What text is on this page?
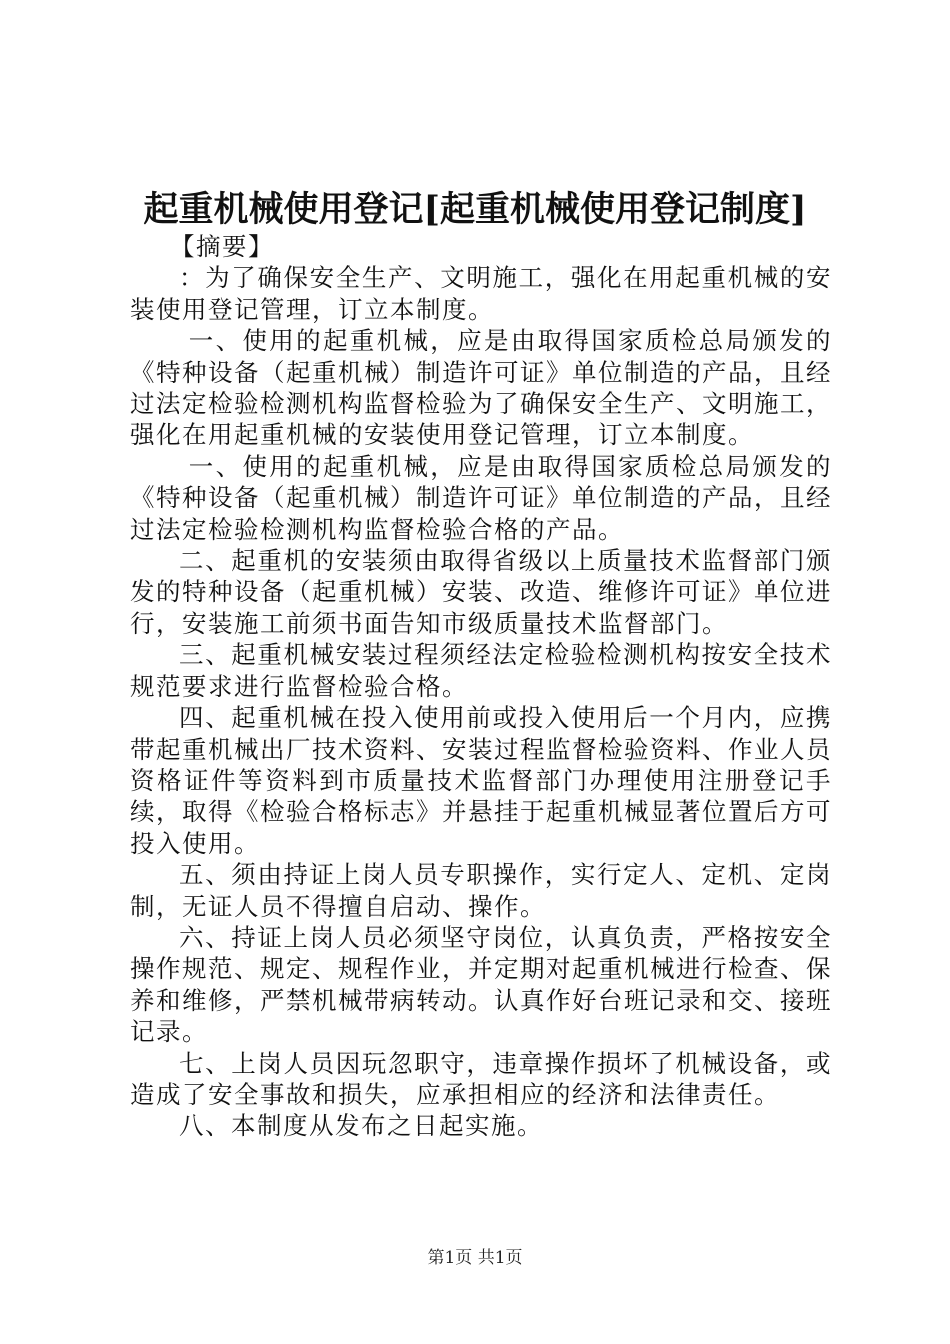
起重机械使用登记[起重机械使用登记制度]

【摘要】

：为了确保安全生产、文明施工，强化在用起重机械的安装使用登记管理，订立本制度。

一、使用的起重机械，应是由取得国家质检总局颁发的《特种设备（起重机械）制造许可证》单位制造的产品，且经过法定检验检测机构监督检验为了确保安全生产、文明施工，强化在用起重机械的安装使用登记管理，订立本制度。

一、使用的起重机械，应是由取得国家质检总局颁发的《特种设备（起重机械）制造许可证》单位制造的产品，且经过法定检验检测机构监督检验合格的产品。

二、起重机的安装须由取得省级以上质量技术监督部门颁发的特种设备（起重机械）安装、改造、维修许可证》单位进行，安装施工前须书面告知市级质量技术监督部门。

三、起重机械安装过程须经法定检验检测机构按安全技术规范要求进行监督检验合格。

四、起重机械在投入使用前或投入使用后一个月内，应携带起重机械出厂技术资料、安装过程监督检验资料、作业人员资格证件等资料到市质量技术监督部门办理使用注册登记手续，取得《检验合格标志》并悬挂于起重机械显著位置后方可投入使用。

五、须由持证上岗人员专职操作，实行定人、定机、定岗制，无证人员不得擅自启动、操作。

六、持证上岗人员必须坚守岗位，认真负责，严格按安全操作规范、规定、规程作业，并定期对起重机械进行检查、保养和维修，严禁机械带病转动。认真作好台班记录和交、接班记录。

七、上岗人员因玩忽职守，违章操作损坏了机械设备，或造成了安全事故和损失，应承担相应的经济和法律责任。

八、本制度从发布之日起实施。

第1页 共1页
